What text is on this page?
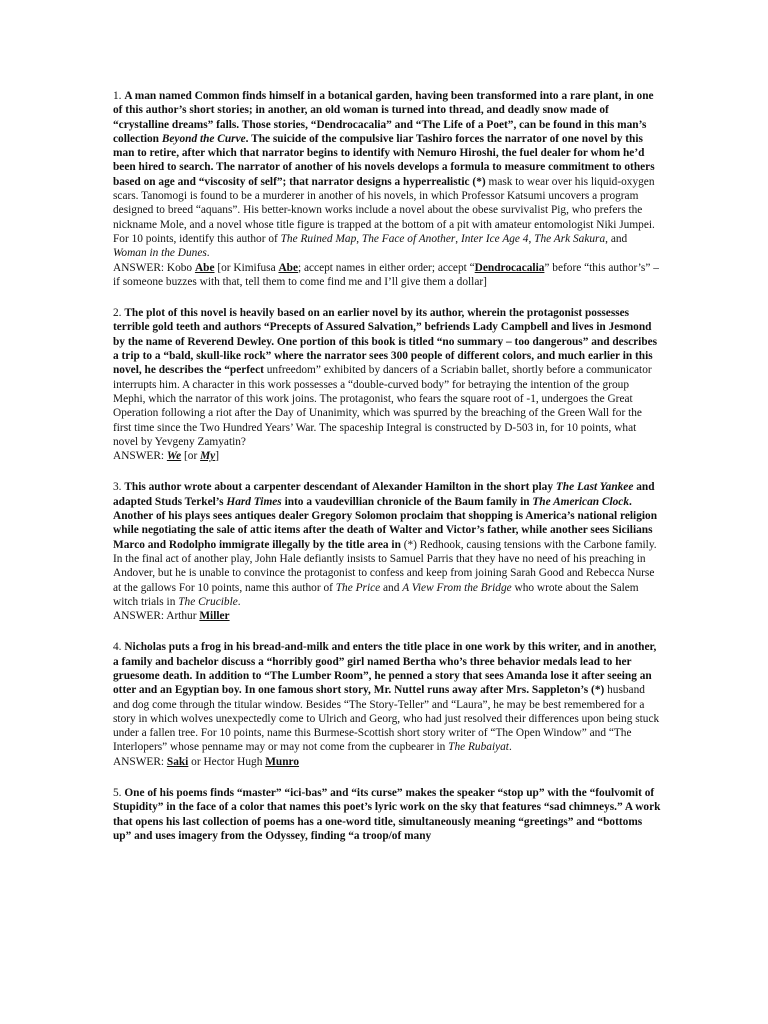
1. A man named Common finds himself in a botanical garden, having been transformed into a rare plant, in one of this author’s short stories; in another, an old woman is turned into thread, and deadly snow made of “crystalline dreams” falls. Those stories, “Dendrocacalia” and “The Life of a Poet”, can be found in this man’s collection Beyond the Curve. The suicide of the compulsive liar Tashiro forces the narrator of one novel by this man to retire, after which that narrator begins to identify with Nemuro Hiroshi, the fuel dealer for whom he’d been hired to search. The narrator of another of his novels develops a formula to measure commitment to others based on age and “viscosity of self”; that narrator designs a hyperrealistic (*) mask to wear over his liquid-oxygen scars. Tanomogi is found to be a murderer in another of his novels, in which Professor Katsumi uncovers a program designed to breed “aquans”. His better-known works include a novel about the obese survivalist Pig, who prefers the nickname Mole, and a novel whose title figure is trapped at the bottom of a pit with amateur entomologist Niki Jumpei. For 10 points, identify this author of The Ruined Map, The Face of Another, Inter Ice Age 4, The Ark Sakura, and Woman in the Dunes.

ANSWER: Kobo Abe [or Kimifusa Abe; accept names in either order; accept “Dendrocacalia” before “this author’s” – if someone buzzes with that, tell them to come find me and I’ll give them a dollar]

2. The plot of this novel is heavily based on an earlier novel by its author, wherein the protagonist possesses terrible gold teeth and authors “Precepts of Assured Salvation,” befriends Lady Campbell and lives in Jesmond by the name of Reverend Dewley. One portion of this book is titled “no summary – too dangerous” and describes a trip to a “bald, skull-like rock” where the narrator sees 300 people of different colors, and much earlier in this novel, he describes the “perfect unfreedom” exhibited by dancers of a Scriabin ballet, shortly before a communicator interrupts him. A character in this work possesses a “double-curved body” for betraying the intention of the group Mephi, which the narrator of this work joins. The protagonist, who fears the square root of -1, undergoes the Great Operation following a riot after the Day of Unanimity, which was spurred by the breaching of the Green Wall for the first time since the Two Hundred Years’ War. The spaceship Integral is constructed by D-503 in, for 10 points, what novel by Yevgeny Zamyatin?

ANSWER: We [or My]

3. This author wrote about a carpenter descendant of Alexander Hamilton in the short play The Last Yankee and adapted Studs Terkel’s Hard Times into a vaudevillian chronicle of the Baum family in The American Clock. Another of his plays sees antiques dealer Gregory Solomon proclaim that shopping is America’s national religion while negotiating the sale of attic items after the death of Walter and Victor’s father, while another sees Sicilians Marco and Rodolpho immigrate illegally by the title area in (*) Redhook, causing tensions with the Carbone family. In the final act of another play, John Hale defiantly insists to Samuel Parris that they have no need of his preaching in Andover, but he is unable to convince the protagonist to confess and keep from joining Sarah Good and Rebecca Nurse at the gallows For 10 points, name this author of The Price and A View From the Bridge who wrote about the Salem witch trials in The Crucible.

ANSWER: Arthur Miller

4. Nicholas puts a frog in his bread-and-milk and enters the title place in one work by this writer, and in another, a family and bachelor discuss a “horribly good” girl named Bertha who’s three behavior medals lead to her gruesome death. In addition to “The Lumber Room”, he penned a story that sees Amanda lose it after seeing an otter and an Egyptian boy. In one famous short story, Mr. Nuttel runs away after Mrs. Sappleton’s (*) husband and dog come through the titular window. Besides “The Story-Teller” and “Laura”, he may be best remembered for a story in which wolves unexpectedly come to Ulrich and Georg, who had just resolved their differences upon being stuck under a fallen tree. For 10 points, name this Burmese-Scottish short story writer of “The Open Window” and “The Interlopers” whose penname may or may not come from the cupbearer in The Rubaiyat.

ANSWER: Saki or Hector Hugh Munro

5. One of his poems finds “master” “ici-bas” and “its curse” makes the speaker “stop up” with the “foulvomit of Stupidity” in the face of a color that names this poet’s lyric work on the sky that features “sad chimneys.” A work that opens his last collection of poems has a one-word title, simultaneously meaning “greetings” and “bottoms up” and uses imagery from the Odyssey, finding “a troop/of many
